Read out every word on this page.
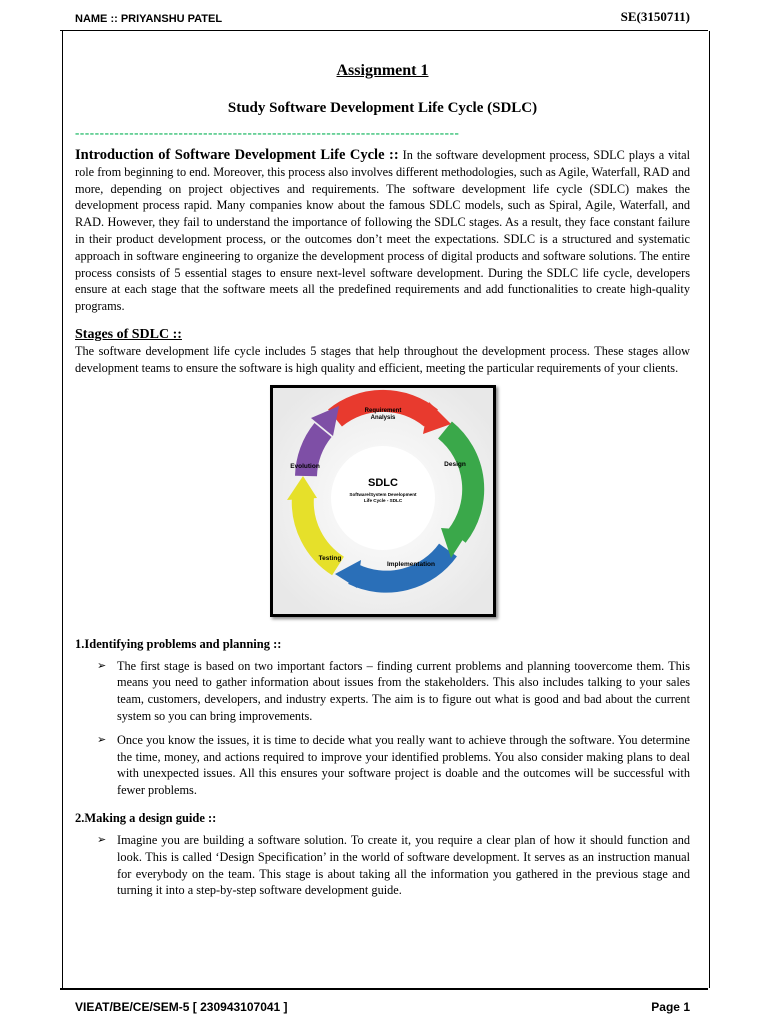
NAME :: PRIYANSHU PATEL	SE(3150711)
Assignment 1
Study Software Development Life Cycle (SDLC)
------------------------------------------------------------------------------

Introduction of Software Development Life Cycle :: In the software development process, SDLC plays a vital role from beginning to end. Moreover, this process also involves different methodologies, such as Agile, Waterfall, RAD and more, depending on project objectives and requirements. The software development life cycle (SDLC) makes the development process rapid. Many companies know about the famous SDLC models, such as Spiral, Agile, Waterfall, and RAD. However, they fail to understand the importance of following the SDLC stages. As a result, they face constant failure in their product development process, or the outcomes don’t meet the expectations. SDLC is a structured and systematic approach in software engineering to organize the development process of digital products and software solutions. The entire process consists of 5 essential stages to ensure next-level software development. During the SDLC life cycle, developers ensure at each stage that the software meets all the predefined requirements and add functionalities to create high-quality programs.

Stages of SDLC ::

The software development life cycle includes 5 stages that help throughout the development process. These stages allow development teams to ensure the software is high quality and efficient, meeting the particular requirements of your clients.

SDLC
Software/System Development
Life Cycle - SDLC
Requirement
Analysis
Design
Implementation
Testing
Evolution
1.Identifying problems and planning ::
➢ The first stage is based on two important factors – finding current problems and planning toovercome them. This means you need to gather information about issues from the stakeholders. This also includes talking to your sales team, customers, developers, and industry experts. The aim is to figure out what is good and bad about the current system so you can bring improvements.
➢ Once you know the issues, it is time to decide what you really want to achieve through the software. You determine the time, money, and actions required to improve your identified problems. You also consider making plans to deal with unexpected issues. All this ensures your software project is doable and the outcomes will be successful with fewer problems.
2.Making a design guide ::
➢ Imagine you are building a software solution. To create it, you require a clear plan of how it should function and look. This is called ‘Design Specification’ in the world of software development. It serves as an instruction manual for everybody on the team. This stage is about taking all the information you gathered in the previous stage and turning it into a step-by-step software development guide.
VIEAT/BE/CE/SEM-5 [ 230943107041 ]	Page 1
